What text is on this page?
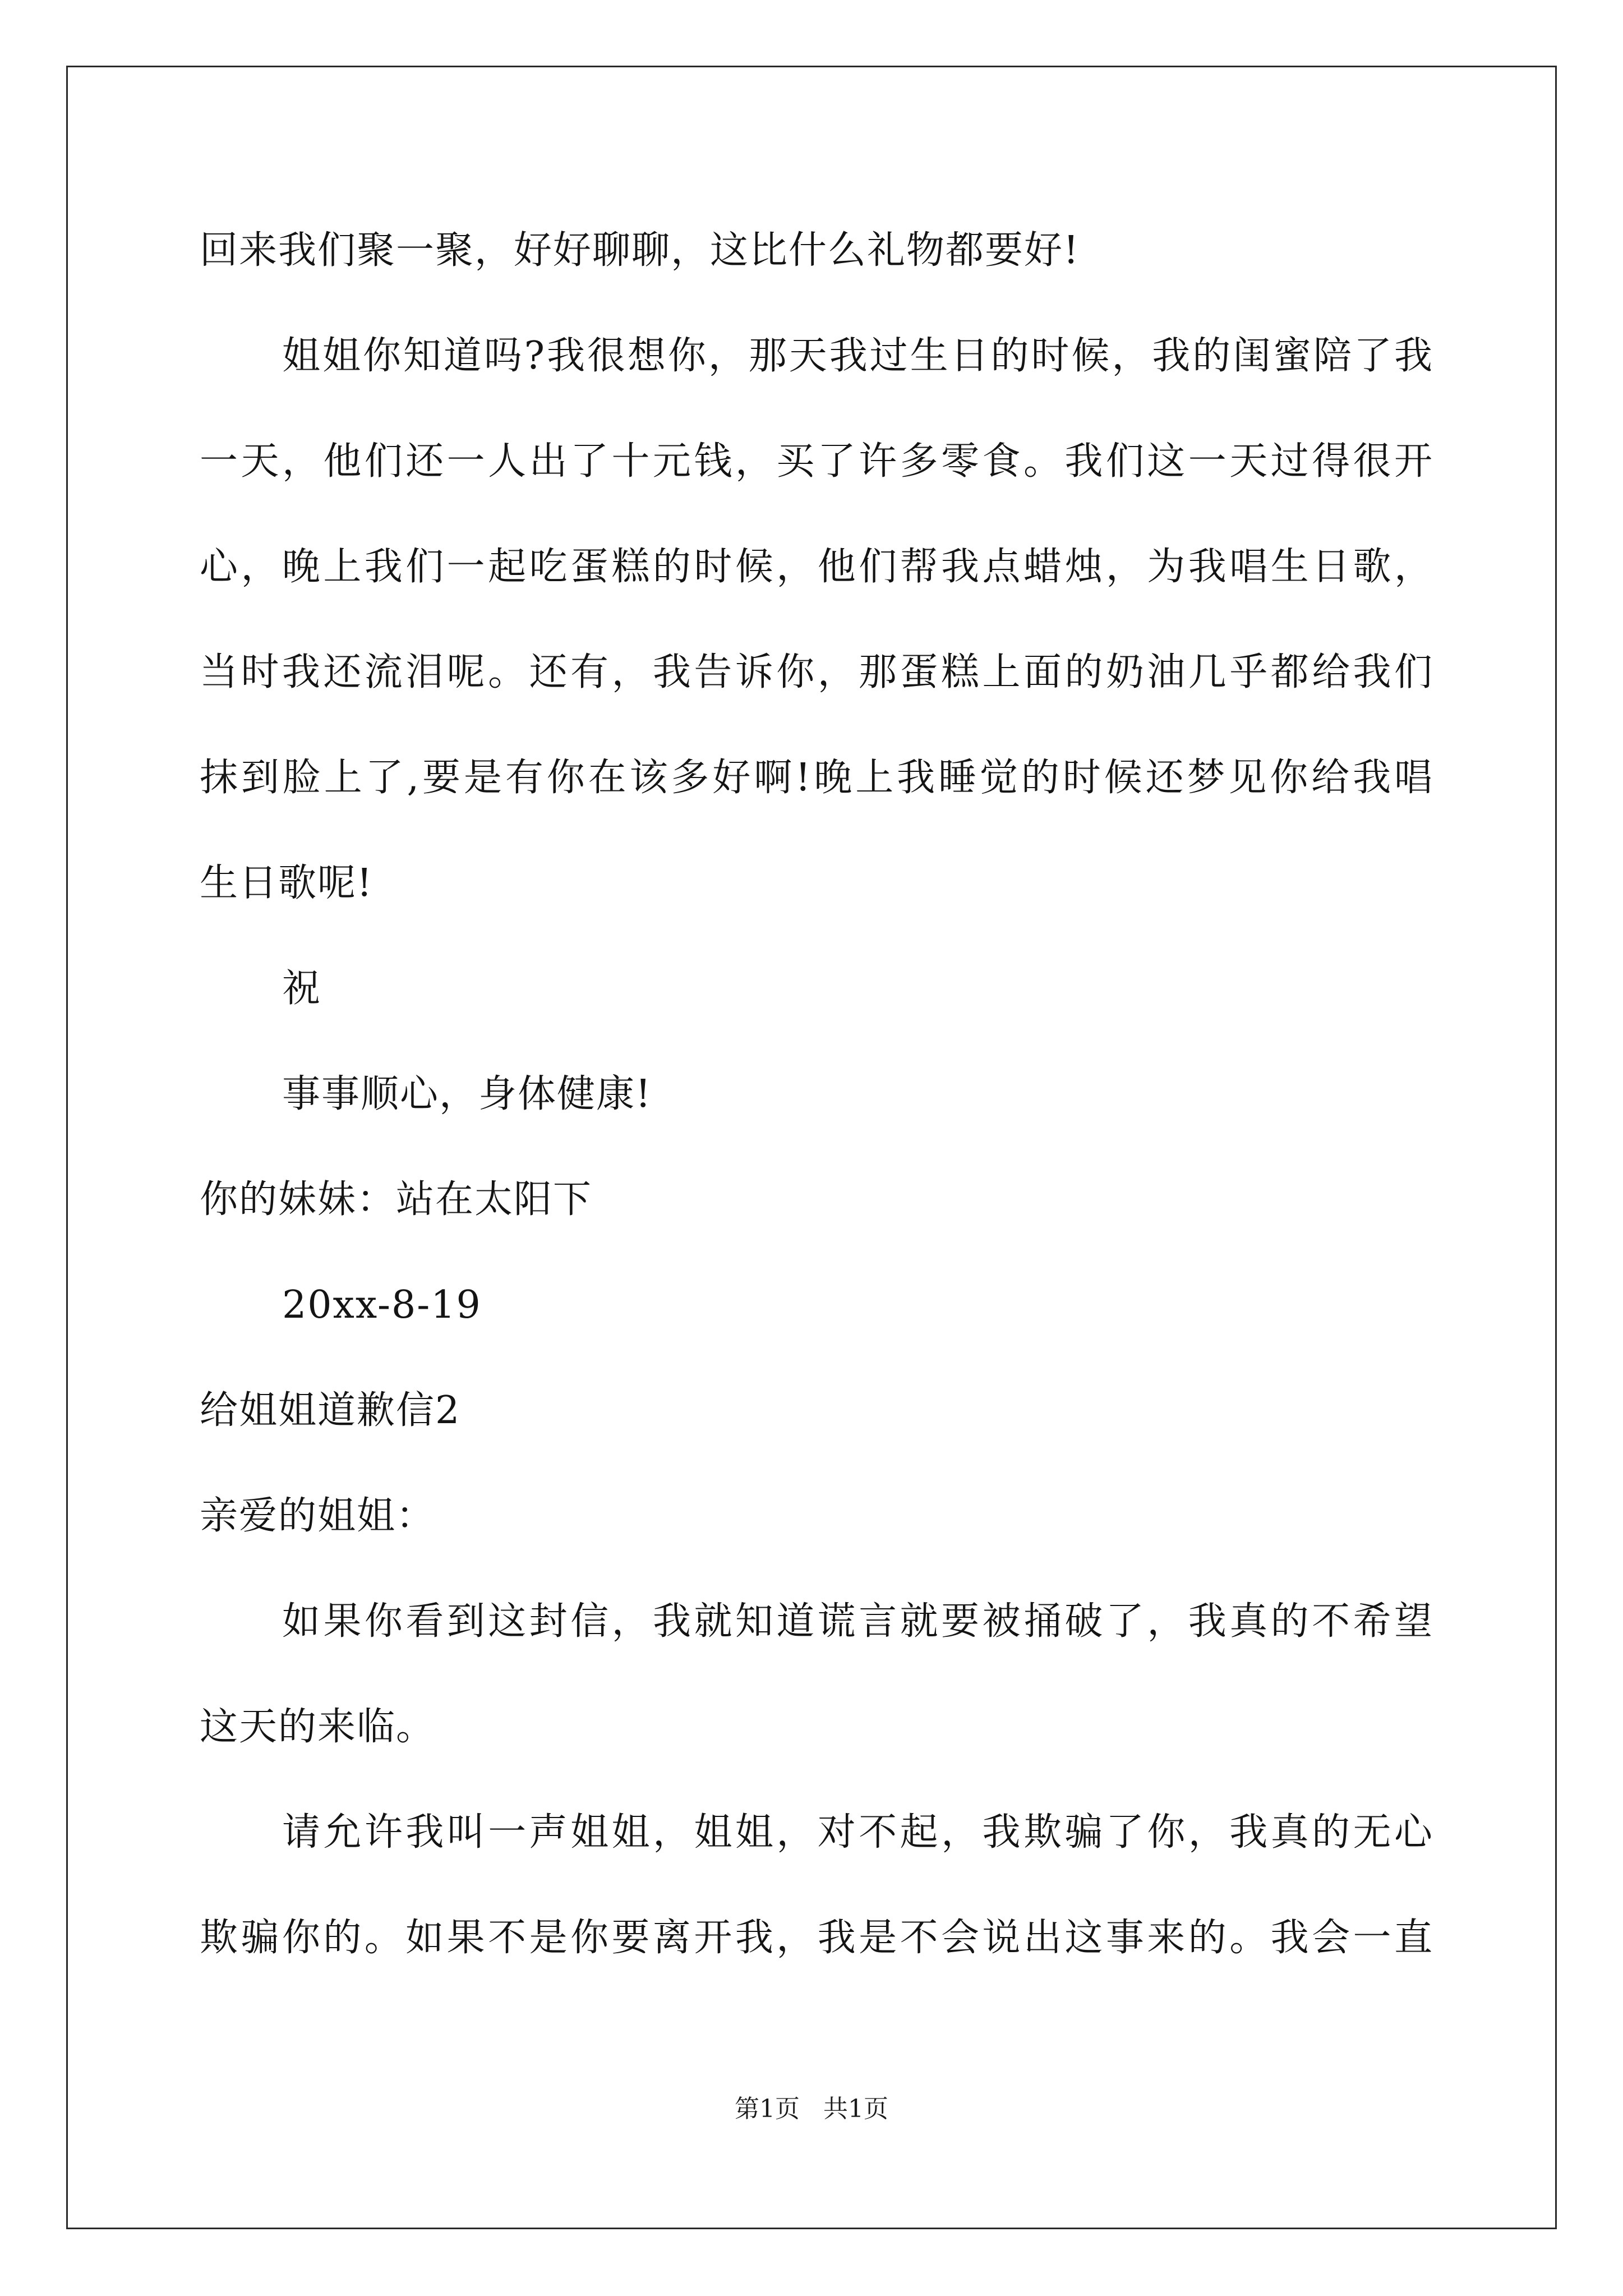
回来我们聚一聚，好好聊聊，这比什么礼物都要好!
姐姐你知道吗?我很想你，那天我过生日的时候，我的闺蜜陪了我
一天，他们还一人出了十元钱，买了许多零食。我们这一天过得很开
心，晚上我们一起吃蛋糕的时候，他们帮我点蜡烛，为我唱生日歌，
当时我还流泪呢。还有，我告诉你，那蛋糕上面的奶油几乎都给我们
抹到脸上了,要是有你在该多好啊!晚上我睡觉的时候还梦见你给我唱
生日歌呢!
祝
事事顺心，身体健康!
你的妹妹：站在太阳下
20xx-8-19
给姐姐道歉信2
亲爱的姐姐：
如果你看到这封信，我就知道谎言就要被捅破了，我真的不希望
这天的来临。
请允许我叫一声姐姐，姐姐，对不起，我欺骗了你，我真的无心
欺骗你的。如果不是你要离开我，我是不会说出这事来的。我会一直
第1页   共1页
